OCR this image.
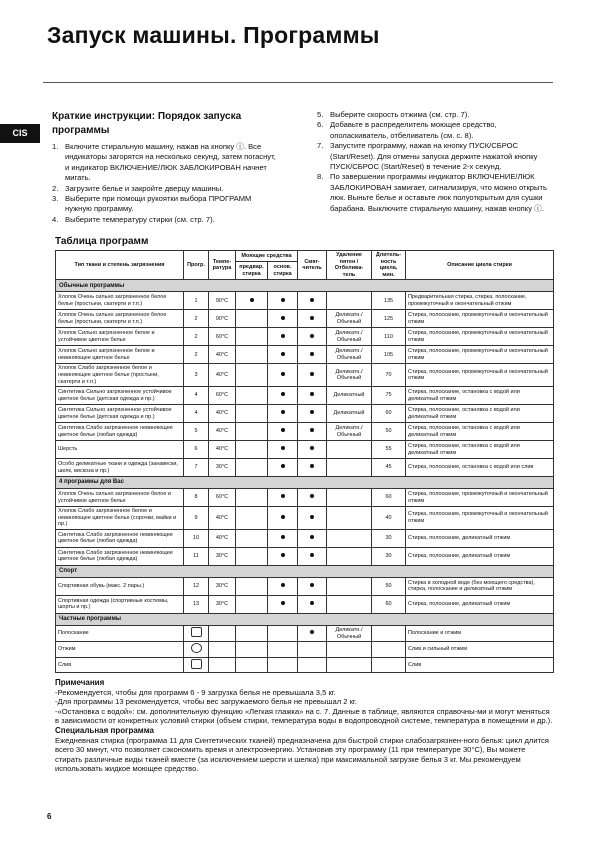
Запуск машины. Программы
CIS
Краткие инструкции: Порядок запуска программы
1. Включите стиральную машину, нажав на кнопку ⓘ. Все индикаторы загорятся на несколько секунд, затем погаснут, и индикатор ВКЛЮЧЕНИЕ/ЛЮК ЗАБЛОКИРОВАН начнет мигать.
2. Загрузите белье и закройте дверцу машины.
3. Выберите при помощи рукоятки выбора ПРОГРАММ нужную программу.
4. Выберите температуру стирки (см. стр. 7).
5. Выберите скорость отжима (см. стр. 7).
6. Добавьте в распределитель моющее средство, ополаскиватель, отбеливатель (см. с. 8).
7. Запустите программу, нажав на кнопку ПУСК/СБРОС (Start/Reset). Для отмены запуска держите нажатой кнопку ПУСК/СБРОС (Start/Reset) в течение 2-х секунд.
8. По завершении программы индикатор ВКЛЮЧЕНИЕ/ЛЮК ЗАБЛОКИРОВАН замигает, сигнализируя, что можно открыть люк. Выньте белье и оставьте люк полуоткрытым для сушки барабана. Выключите стиральную машину, нажав кнопку ⓘ.
Таблица программ
Тип ткани и степень загрязнения	Прогр.	Темпе-ратура	Моющие средства		Смяг-читель	Удаление пятен / Отбелива-тель	Длитель-ность цикла, мин.	Описание цикла стирки
			предвар. стирка	основ. стирка				
Обычные программы								
Хлопок Очень сильно загрязненное белое белье (простыни, скатерти и т.п.)	1	90°C					135	Предварительная стирка, стирка, полоскание, промежуточный и окончательный отжим
Хлопок Очень сильно загрязненное белое белье (простыни, скатерти и т.п.)	2	90°C				Деликатн./ Обычный	125	Стирка, полоскание, промежуточный и окончательный отжим
Хлопок Сильно загрязненное белое и устойчивое цветное белье	2	60°C				Деликатн./ Обычный	110	Стирка, полоскание, промежуточный и окончательный отжим
Хлопок Сильно загрязненное белое и невиняющее цветное белье	2	40°C				Деликатн./ Обычный	105	Стирка, полоскание, промежуточный и окончательный отжим
Хлопок Слабо загрязненное белое и невиняющее цветное белье (простыни, скатерти и т.п.)	3	40°C				Деликатн./ Обычный	70	Стирка, полоскание, промежуточный и окончательный отжим
Синтетика Сильно загрязненное устойчивое цветное белье (детская одежда и пр.)	4	60°C				Деликатный	75	Стирка, полоскание, остановка с водой или деликатный отжим
Синтетика Сильно загрязненное устойчивое цветное белье (детская одежда и пр.)	4	40°C				Деликатный	60	Стирка, полоскание, остановка с водой или деликатный отжим
Синтетика Слабо загрязненное невиняющее цветное белье (любая одежда)	5	40°C				Деликатн./ Обычный	50	Стирка, полоскание, остановка с водой или деликатный отжим
Шерсть	6	40°C					55	Стирка, полоскание, остановка с водой или деликатный отжим
Особо деликатные ткани и одежда (занавески, шелк, вискоза и пр.)	7	30°C					45	Стирка, полоскание, остановка с водой или слив
4 программы для Вас								
Хлопок Очень сильно загрязненное белое и устойчивое цветное белье	8	60°C					60	Стирка, полоскание, промежуточный и окончательный отжим
Хлопок Слабо загрязненное белое и невиняющее цветное белье (сорочки, майки и пр.)	9	40°C					40	Стирка, полоскание, промежуточный и окончательный отжим
Синтетика Слабо загрязненное невиняющее цветное белье (любая одежда)	10	40°C					30	Стирка, полоскание, деликатный отжим
Синтетика Слабо загрязненное невиняющее цветное белье (любая одежда)	11	30°C					30	Стирка, полоскание, деликатный отжим
Спорт								
Спортивная обувь (макс. 2 пары.)	12	30°C					50	Стирка в холодной воде (без моющего средства), стирка, полоскание и деликатный отжим
Спортивная одежда (спортивные костюмы, шорты и пр.)	13	30°C					60	Стирка, полоскание, деликатный отжим
Частные программы								
Полоскание						Деликатн./ Обычный		Полоскание и отжим
Отжим								Слив и сильный отжим
Слив								Слив
Примечания

-Рекомендуется, чтобы для программ 6 - 9 загрузка белья не превышала 3,5 кг.

-Для программы 13 рекомендуется, чтобы вес загружаемого белья не превышал 2 кг.

-«Остановка с водой»: см. дополнительную функцию «Легкая глажка» на с. 7. Данные в таблице, являются справочны-ми и могут меняться в зависимости от конкретных условий стирки (объем стирки, температура воды в водопроводной системе, температура в помещении и др.).

Специальная программа

Ежедневная стирка (программа 11 для Синтетических тканей) предназначена для быстрой стирки слабозагрязнен-ного белья: цикл длится всего 30 минут, что позволяет сэкономить время и электроэнергию. Установив эту программу (11 при температуре 30°С), Вы можете стирать различные виды тканей вместе (за исключением шерсти и шелка) при максимальной загрузке белья 3 кг. Мы рекомендуем использовать жидкое моющее средство.

6
